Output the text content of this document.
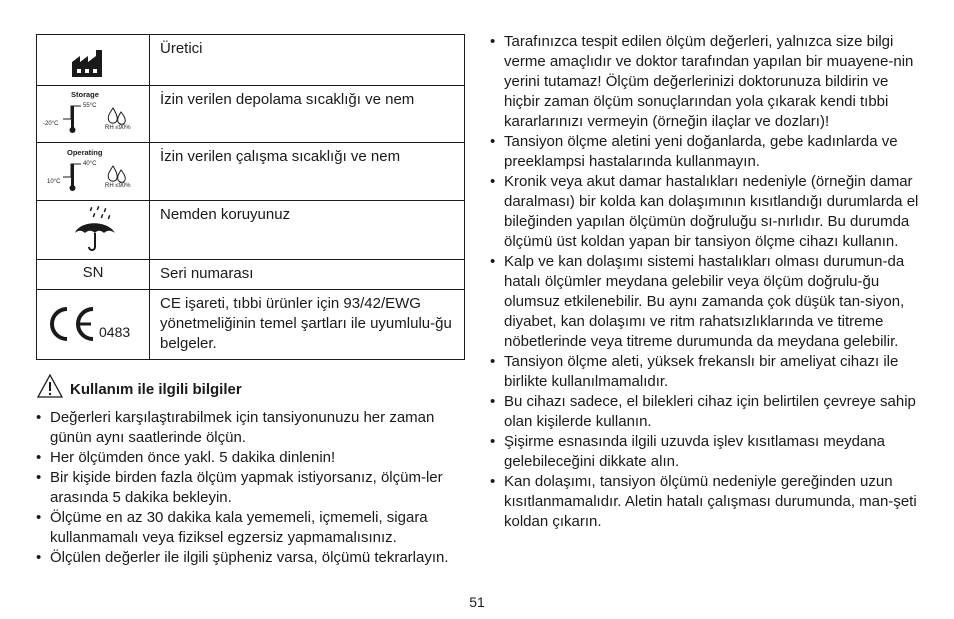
	Üretici

Storage
55°C
-20°C
RH ≤90%	İzin verilen depolama sıcaklığı ve nem

Operating
40°C
10°C
RH ≤90%	İzin verilen çalışma sıcaklığı ve nem

	Nemden koruyunuz
SN	Seri numarası

0483	CE işareti, tıbbi ürünler için 93/42/EWG yönetmeliğinin temel şartları ile uyumlulu-ğu belgeler.
Kullanım ile ilgili bilgiler
• Değerleri karşılaştırabilmek için tansiyonunuzu her zaman günün aynı saatlerinde ölçün.
• Her ölçümden önce yakl. 5 dakika dinlenin!
• Bir kişide birden fazla ölçüm yapmak istiyorsanız, ölçüm-ler arasında 5 dakika bekleyin.
• Ölçüme en az 30 dakika kala yememeli, içmemeli, sigara kullanmamalı veya fiziksel egzersiz yapmamalısınız.
• Ölçülen değerler ile ilgili şüpheniz varsa, ölçümü tekrarlayın.
• Tarafınızca tespit edilen ölçüm değerleri, yalnızca size bilgi verme amaçlıdır ve doktor tarafından yapılan bir muayene-nin yerini tutamaz! Ölçüm değerlerinizi doktorunuza bildirin ve hiçbir zaman ölçüm sonuçlarından yola çıkarak kendi tıbbi kararlarınızı vermeyin (örneğin ilaçlar ve dozları)!
• Tansiyon ölçme aletini yeni doğanlarda, gebe kadınlarda ve preeklampsi hastalarında kullanmayın.
• Kronik veya akut damar hastalıkları nedeniyle (örneğin damar daralması) bir kolda kan dolaşımının kısıtlandığı durumlarda el bileğinden yapılan ölçümün doğruluğu sı-nırlıdır. Bu durumda ölçümü üst koldan yapan bir tansiyon ölçme cihazı kullanın.
• Kalp ve kan dolaşımı sistemi hastalıkları olması durumun-da hatalı ölçümler meydana gelebilir veya ölçüm doğrulu-ğu olumsuz etkilenebilir. Bu aynı zamanda çok düşük tan-siyon, diyabet, kan dolaşımı ve ritm rahatsızlıklarında ve titreme nöbetlerinde veya titreme durumunda da meydana gelebilir.
• Tansiyon ölçme aleti, yüksek frekanslı bir ameliyat cihazı ile birlikte kullanılmamalıdır.
• Bu cihazı sadece, el bilekleri cihaz için belirtilen çevreye sahip olan kişilerde kullanın.
• Şişirme esnasında ilgili uzuvda işlev kısıtlaması meydana gelebileceğini dikkate alın.
• Kan dolaşımı, tansiyon ölçümü nedeniyle gereğinden uzun kısıtlanmamalıdır. Aletin hatalı çalışması durumunda, man-şeti koldan çıkarın.
51
